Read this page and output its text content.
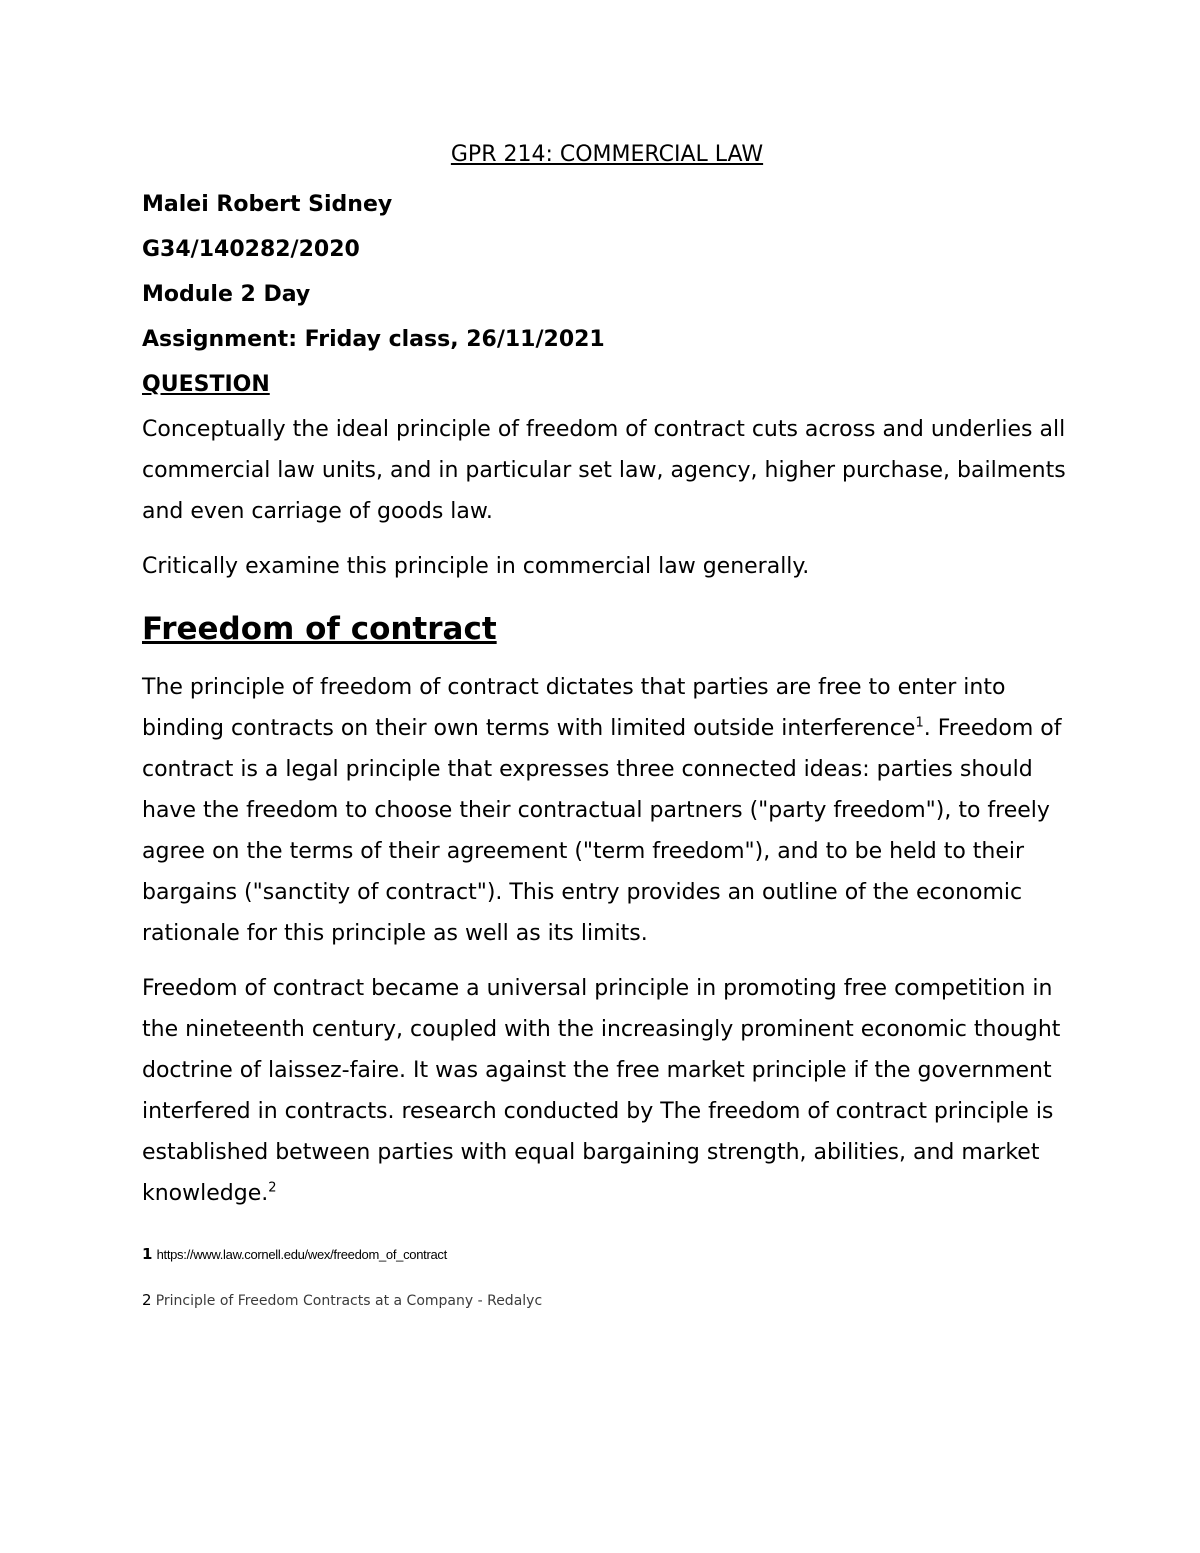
GPR 214: COMMERCIAL LAW
Malei Robert Sidney
G34/140282/2020
Module 2 Day
Assignment: Friday class, 26/11/2021
QUESTION
Conceptually the ideal principle of freedom of contract cuts across and underlies all commercial law units, and in particular set law, agency, higher purchase, bailments and even carriage of goods law.
Critically examine this principle in commercial law generally.
Freedom of contract
The principle of freedom of contract dictates that parties are free to enter into binding contracts on their own terms with limited outside interference$^1$. Freedom of contract is a legal principle that expresses three connected ideas: parties should have the freedom to choose their contractual partners ("party freedom"), to freely agree on the terms of their agreement ("term freedom"), and to be held to their bargains ("sanctity of contract"). This entry provides an outline of the economic rationale for this principle as well as its limits.
Freedom of contract became a universal principle in promoting free competition in the nineteenth century, coupled with the increasingly prominent economic thought doctrine of laissez-faire. It was against the free market principle if the government interfered in contracts. research conducted by The freedom of contract principle is established between parties with equal bargaining strength, abilities, and market knowledge.$^2$
1 https://www.law.cornell.edu/wex/freedom_of_contract
2 Principle of Freedom Contracts at a Company - Redalyc
